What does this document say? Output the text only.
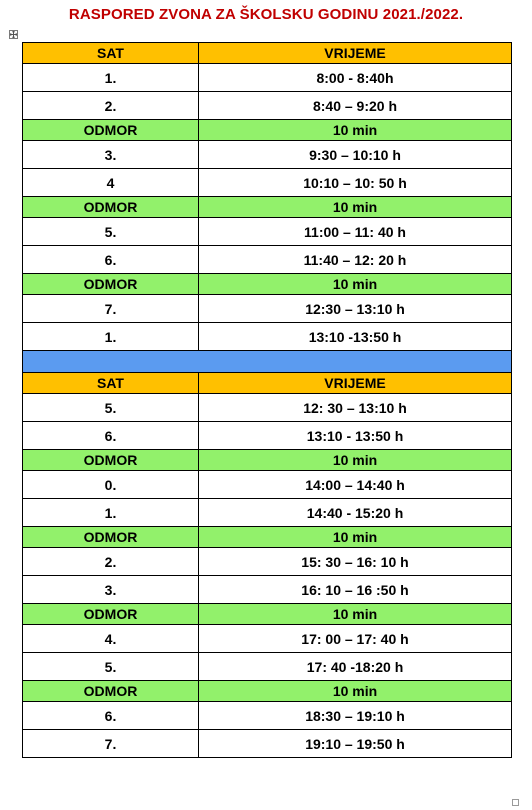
RASPORED ZVONA ZA ŠKOLSKU GODINU 2021./2022.
SAT	VRIJEME
1.	8:00 - 8:40h
2.	8:40 – 9:20 h
ODMOR	10 min
3.	9:30 – 10:10 h
4	10:10 – 10: 50 h
ODMOR	10 min
5.	11:00 – 11: 40 h
6.	11:40 – 12: 20 h
ODMOR	10 min
7.	12:30 – 13:10 h
1.	13:10 -13:50 h

SAT	VRIJEME
5.	12: 30 – 13:10 h
6.	13:10 - 13:50 h
ODMOR	10 min
0.	14:00 – 14:40 h
1.	14:40 - 15:20 h
ODMOR	10 min
2.	15: 30 – 16: 10 h
3.	16: 10 – 16 :50 h
ODMOR	10 min
4.	17: 00 – 17: 40 h
5.	17: 40 -18:20 h
ODMOR	10 min
6.	18:30 – 19:10 h
7.	19:10 – 19:50 h
